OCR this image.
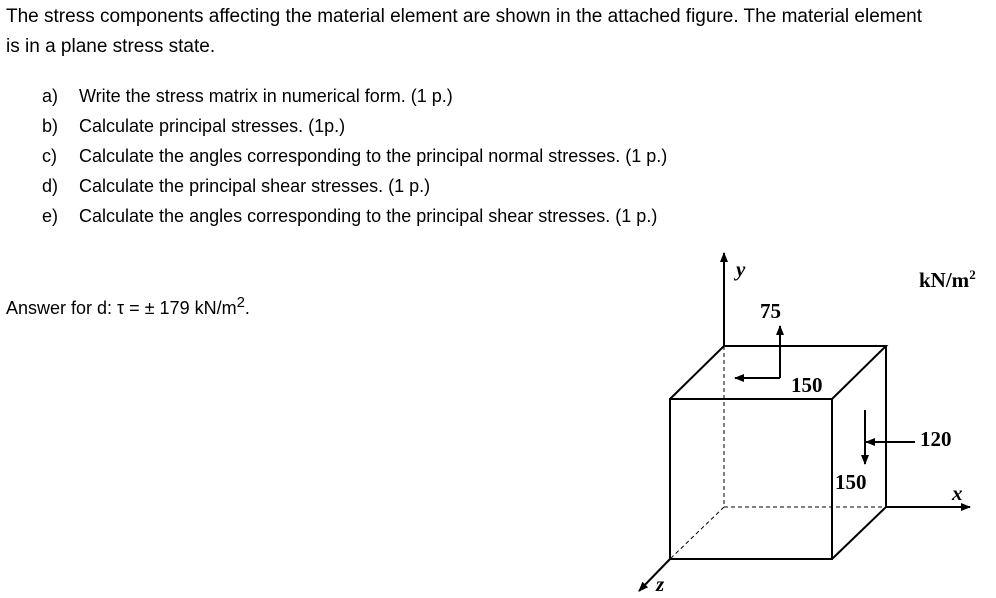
The stress components affecting the material element are shown in the attached figure. The material element is in a plane stress state.
a)	Write the stress matrix in numerical form. (1 p.)
b)	Calculate principal stresses. (1p.)
c)	Calculate the angles corresponding to the principal normal stresses. (1 p.)
d)	Calculate the principal shear stresses. (1 p.)
e)	Calculate the angles corresponding to the principal shear stresses. (1 p.)
Answer for d: τ = ± 179 $kN/m^2$.
y
x
z
$kN/m^2$
75
150
120
150
